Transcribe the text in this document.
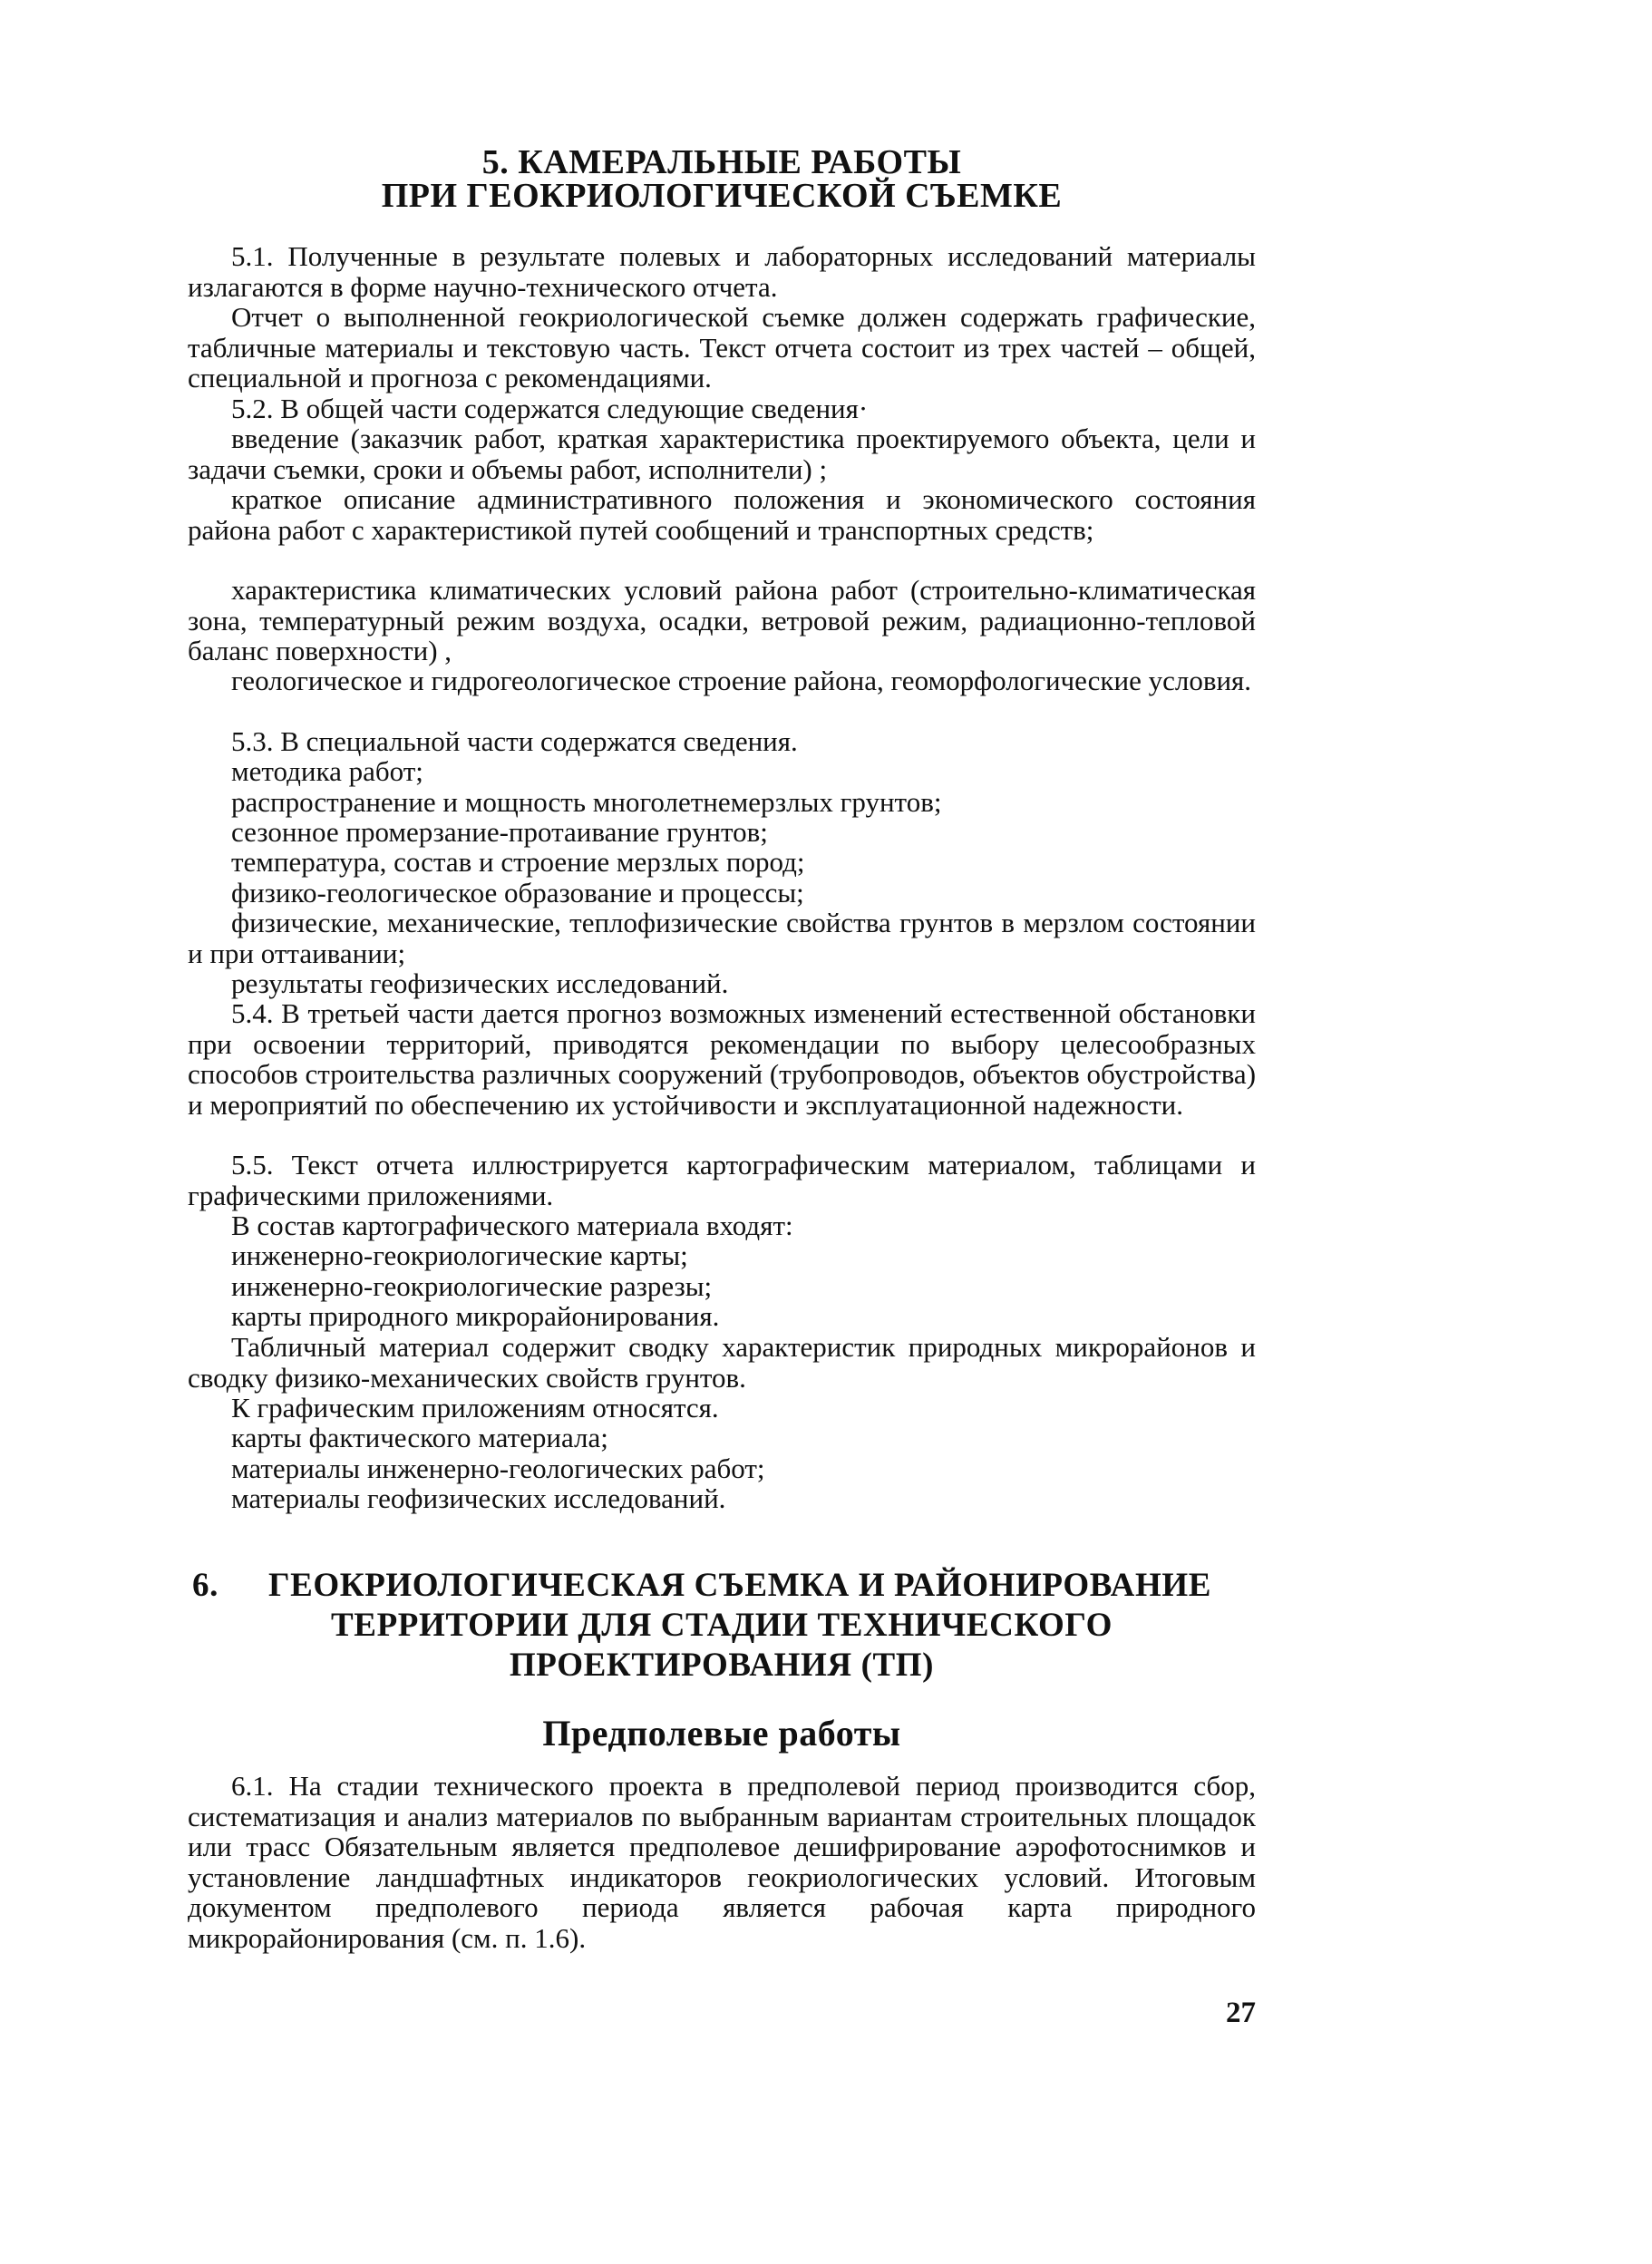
5. КАМЕРАЛЬНЫЕ РАБОТЫ
ПРИ ГЕОКРИОЛОГИЧЕСКОЙ СЪЕМКЕ
5.1. Полученные в результате полевых и лабораторных исследований материалы излагаются в форме научно-технического отчета.
Отчет о выполненной геокриологической съемке должен содержать графические, табличные материалы и текстовую часть. Текст отчета состоит из трех частей – общей, специальной и прогноза с рекомендациями.
5.2. В общей части содержатся следующие сведения·
введение (заказчик работ, краткая характеристика проектируемого объекта, цели и задачи съемки, сроки и объемы работ, исполнители) ;
краткое описание административного положения и экономического состояния района работ с характеристикой путей сообщений и транспортных средств;
характеристика климатических условий района работ (строительно-климатическая зона, температурный режим воздуха, осадки, ветровой режим, радиационно-тепловой баланс поверхности) ,
геологическое и гидрогеологическое строение района, геоморфологические условия.
5.3. В специальной части содержатся сведения.
методика работ;
распространение и мощность многолетнемерзлых грунтов;
сезонное промерзание-протаивание грунтов;
температура, состав и строение мерзлых пород;
физико-геологическое образование и процессы;
физические, механические, теплофизические свойства грунтов в мерзлом состоянии и при оттаивании;
результаты геофизических исследований.
5.4. В третьей части дается прогноз возможных изменений естественной обстановки при освоении территорий, приводятся рекомендации по выбору целесообразных способов строительства различных сооружений (трубопроводов, объектов обустройства) и мероприятий по обеспечению их устойчивости и эксплуатационной надежности.
5.5. Текст отчета иллюстрируется картографическим материалом, таблицами и графическими приложениями.
В состав картографического материала входят:
инженерно-геокриологические карты;
инженерно-геокриологические разрезы;
карты природного микрорайонирования.
Табличный материал содержит сводку характеристик природных микрорайонов и сводку физико-механических свойств грунтов.
К графическим приложениям относятся.
карты фактического материала;
материалы инженерно-геологических работ;
материалы геофизических исследований.
6. ГЕОКРИОЛОГИЧЕСКАЯ СЪЕМКА И РАЙОНИРОВАНИЕ
ТЕРРИТОРИИ ДЛЯ СТАДИИ ТЕХНИЧЕСКОГО
ПРОЕКТИРОВАНИЯ (ТП)
Предполевые работы
6.1. На стадии технического проекта в предполевой период производится сбор, систематизация и анализ материалов по выбранным вариантам строительных площадок или трасс Обязательным является предполевое дешифрирование аэрофотоснимков и установление ландшафтных индикаторов геокриологических условий. Итоговым документом предполевого периода является рабочая карта природного микрорайонирования (см. п. 1.6).
27
